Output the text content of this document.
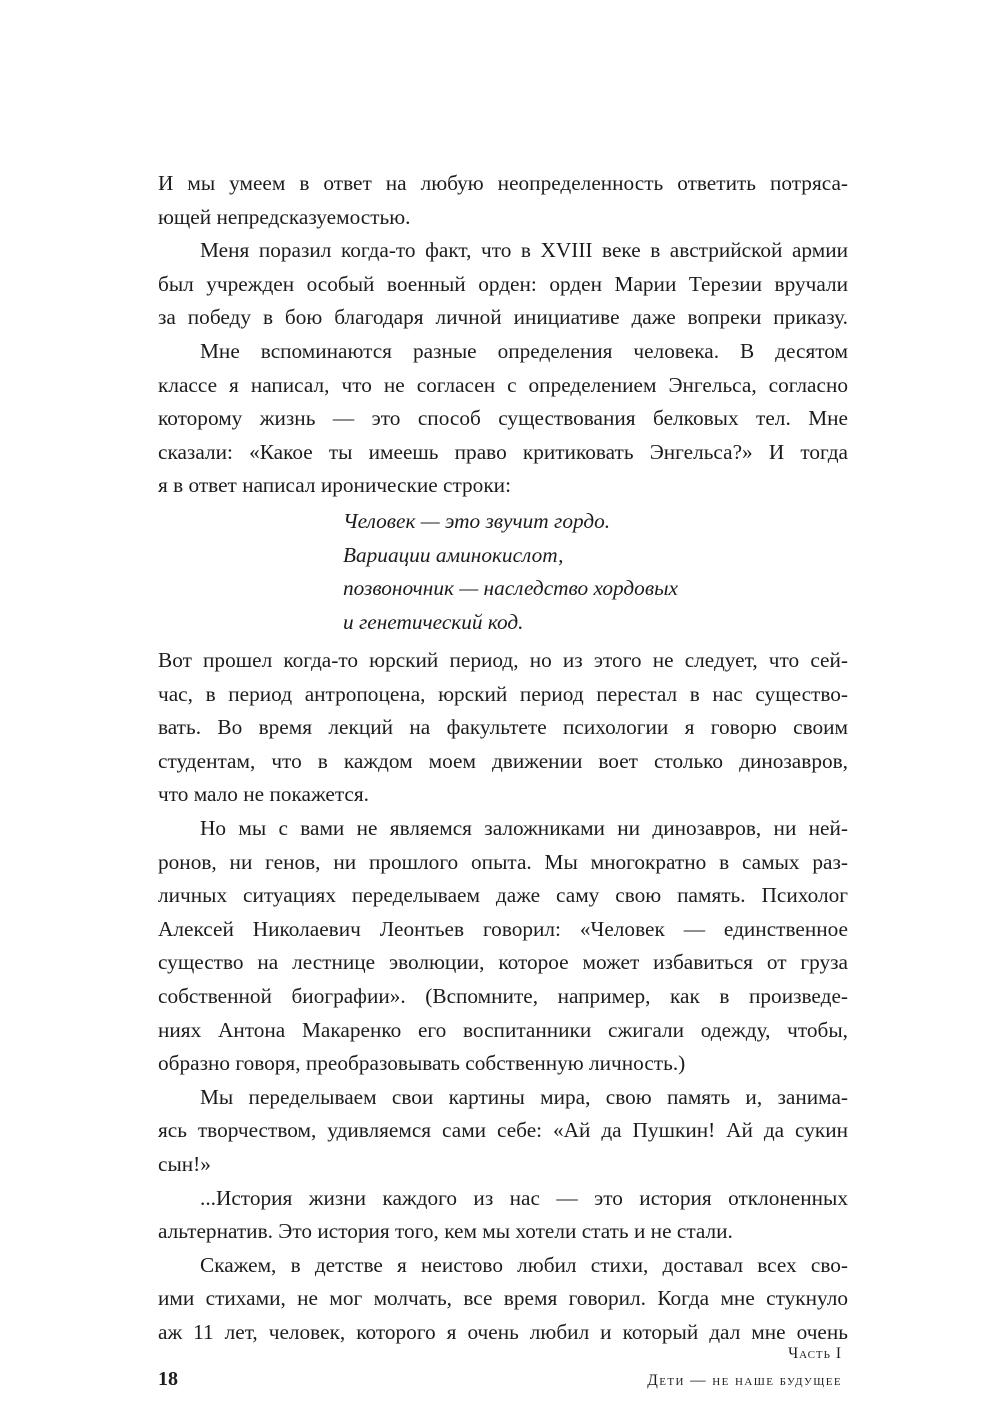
И мы умеем в ответ на любую неопределенность ответить потряса-
ющей непредсказуемостью.

Меня поразил когда-то факт, что в XVIII веке в австрийской армии
был учрежден особый военный орден: орден Марии Терезии вручали
за победу в бою благодаря личной инициативе даже вопреки приказу.

Мне вспоминаются разные определения человека. В десятом
классе я написал, что не согласен с определением Энгельса, согласно
которому жизнь — это способ существования белковых тел. Мне
сказали: «Какое ты имеешь право критиковать Энгельса?» И тогда
я в ответ написал иронические строки:

Человек — это звучит гордо.
Вариации аминокислот,
позвоночник — наследство хордовых
и генетический код.

Вот прошел когда-то юрский период, но из этого не следует, что сей-
час, в период антропоцена, юрский период перестал в нас существо-
вать. Во время лекций на факультете психологии я говорю своим
студентам, что в каждом моем движении воет столько динозавров,
что мало не покажется.

Но мы с вами не являемся заложниками ни динозавров, ни ней-
ронов, ни генов, ни прошлого опыта. Мы многократно в самых раз-
личных ситуациях переделываем даже саму свою память. Психолог
Алексей Николаевич Леонтьев говорил: «Человек — единственное
существо на лестнице эволюции, которое может избавиться от груза
собственной биографии». (Вспомните, например, как в произведе-
ниях Антона Макаренко его воспитанники сжигали одежду, чтобы,
образно говоря, преобразовывать собственную личность.)

Мы переделываем свои картины мира, свою память и, занима-
ясь творчеством, удивляемся сами себе: «Ай да Пушкин! Ай да сукин
сын!»

...История жизни каждого из нас — это история отклоненных
альтернатив. Это история того, кем мы хотели стать и не стали.

Скажем, в детстве я неистово любил стихи, доставал всех сво-
ими стихами, не мог молчать, все время говорил. Когда мне стукнуло
аж 11 лет, человек, которого я очень любил и который дал мне очень

Часть I
18	Дети — не наше будущее
